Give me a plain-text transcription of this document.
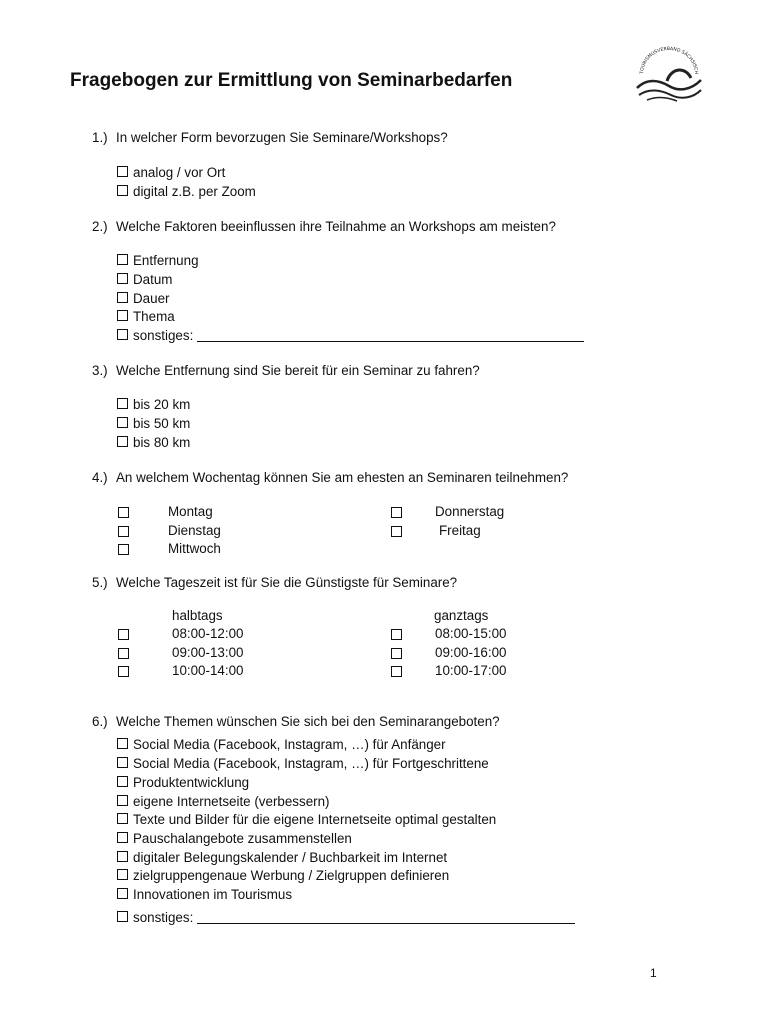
TOURISMUSVERBAND SÄCHSISCH
Fragebogen zur Ermittlung von Seminarbedarfen
1.) In welcher Form bevorzugen Sie Seminare/Workshops?
analog / vor Ort
digital z.B. per Zoom
2.) Welche Faktoren beeinflussen ihre Teilnahme an Workshops am meisten?
Entfernung
Datum
Dauer
Thema
sonstiges:
3.) Welche Entfernung sind Sie bereit für ein Seminar zu fahren?
bis 20 km
bis 50 km
bis 80 km
4.) An welchem Wochentag können Sie am ehesten an Seminaren teilnehmen?
Montag
Dienstag
Mittwoch
Donnerstag
Freitag
5.) Welche Tageszeit ist für Sie die Günstigste für Seminare?
halbtags	ganztags
08:00-12:00
09:00-13:00
10:00-14:00
08:00-15:00
09:00-16:00
10:00-17:00
6.) Welche Themen wünschen Sie sich bei den Seminarangeboten?
Social Media (Facebook, Instagram, …) für Anfänger
Social Media (Facebook, Instagram, …) für Fortgeschrittene
Produktentwicklung
eigene Internetseite (verbessern)
Texte und Bilder für die eigene Internetseite optimal gestalten
Pauschalangebote zusammenstellen
digitaler Belegungskalender / Buchbarkeit im Internet
zielgruppengenaue Werbung / Zielgruppen definieren
Innovationen im Tourismus
sonstiges:
1
